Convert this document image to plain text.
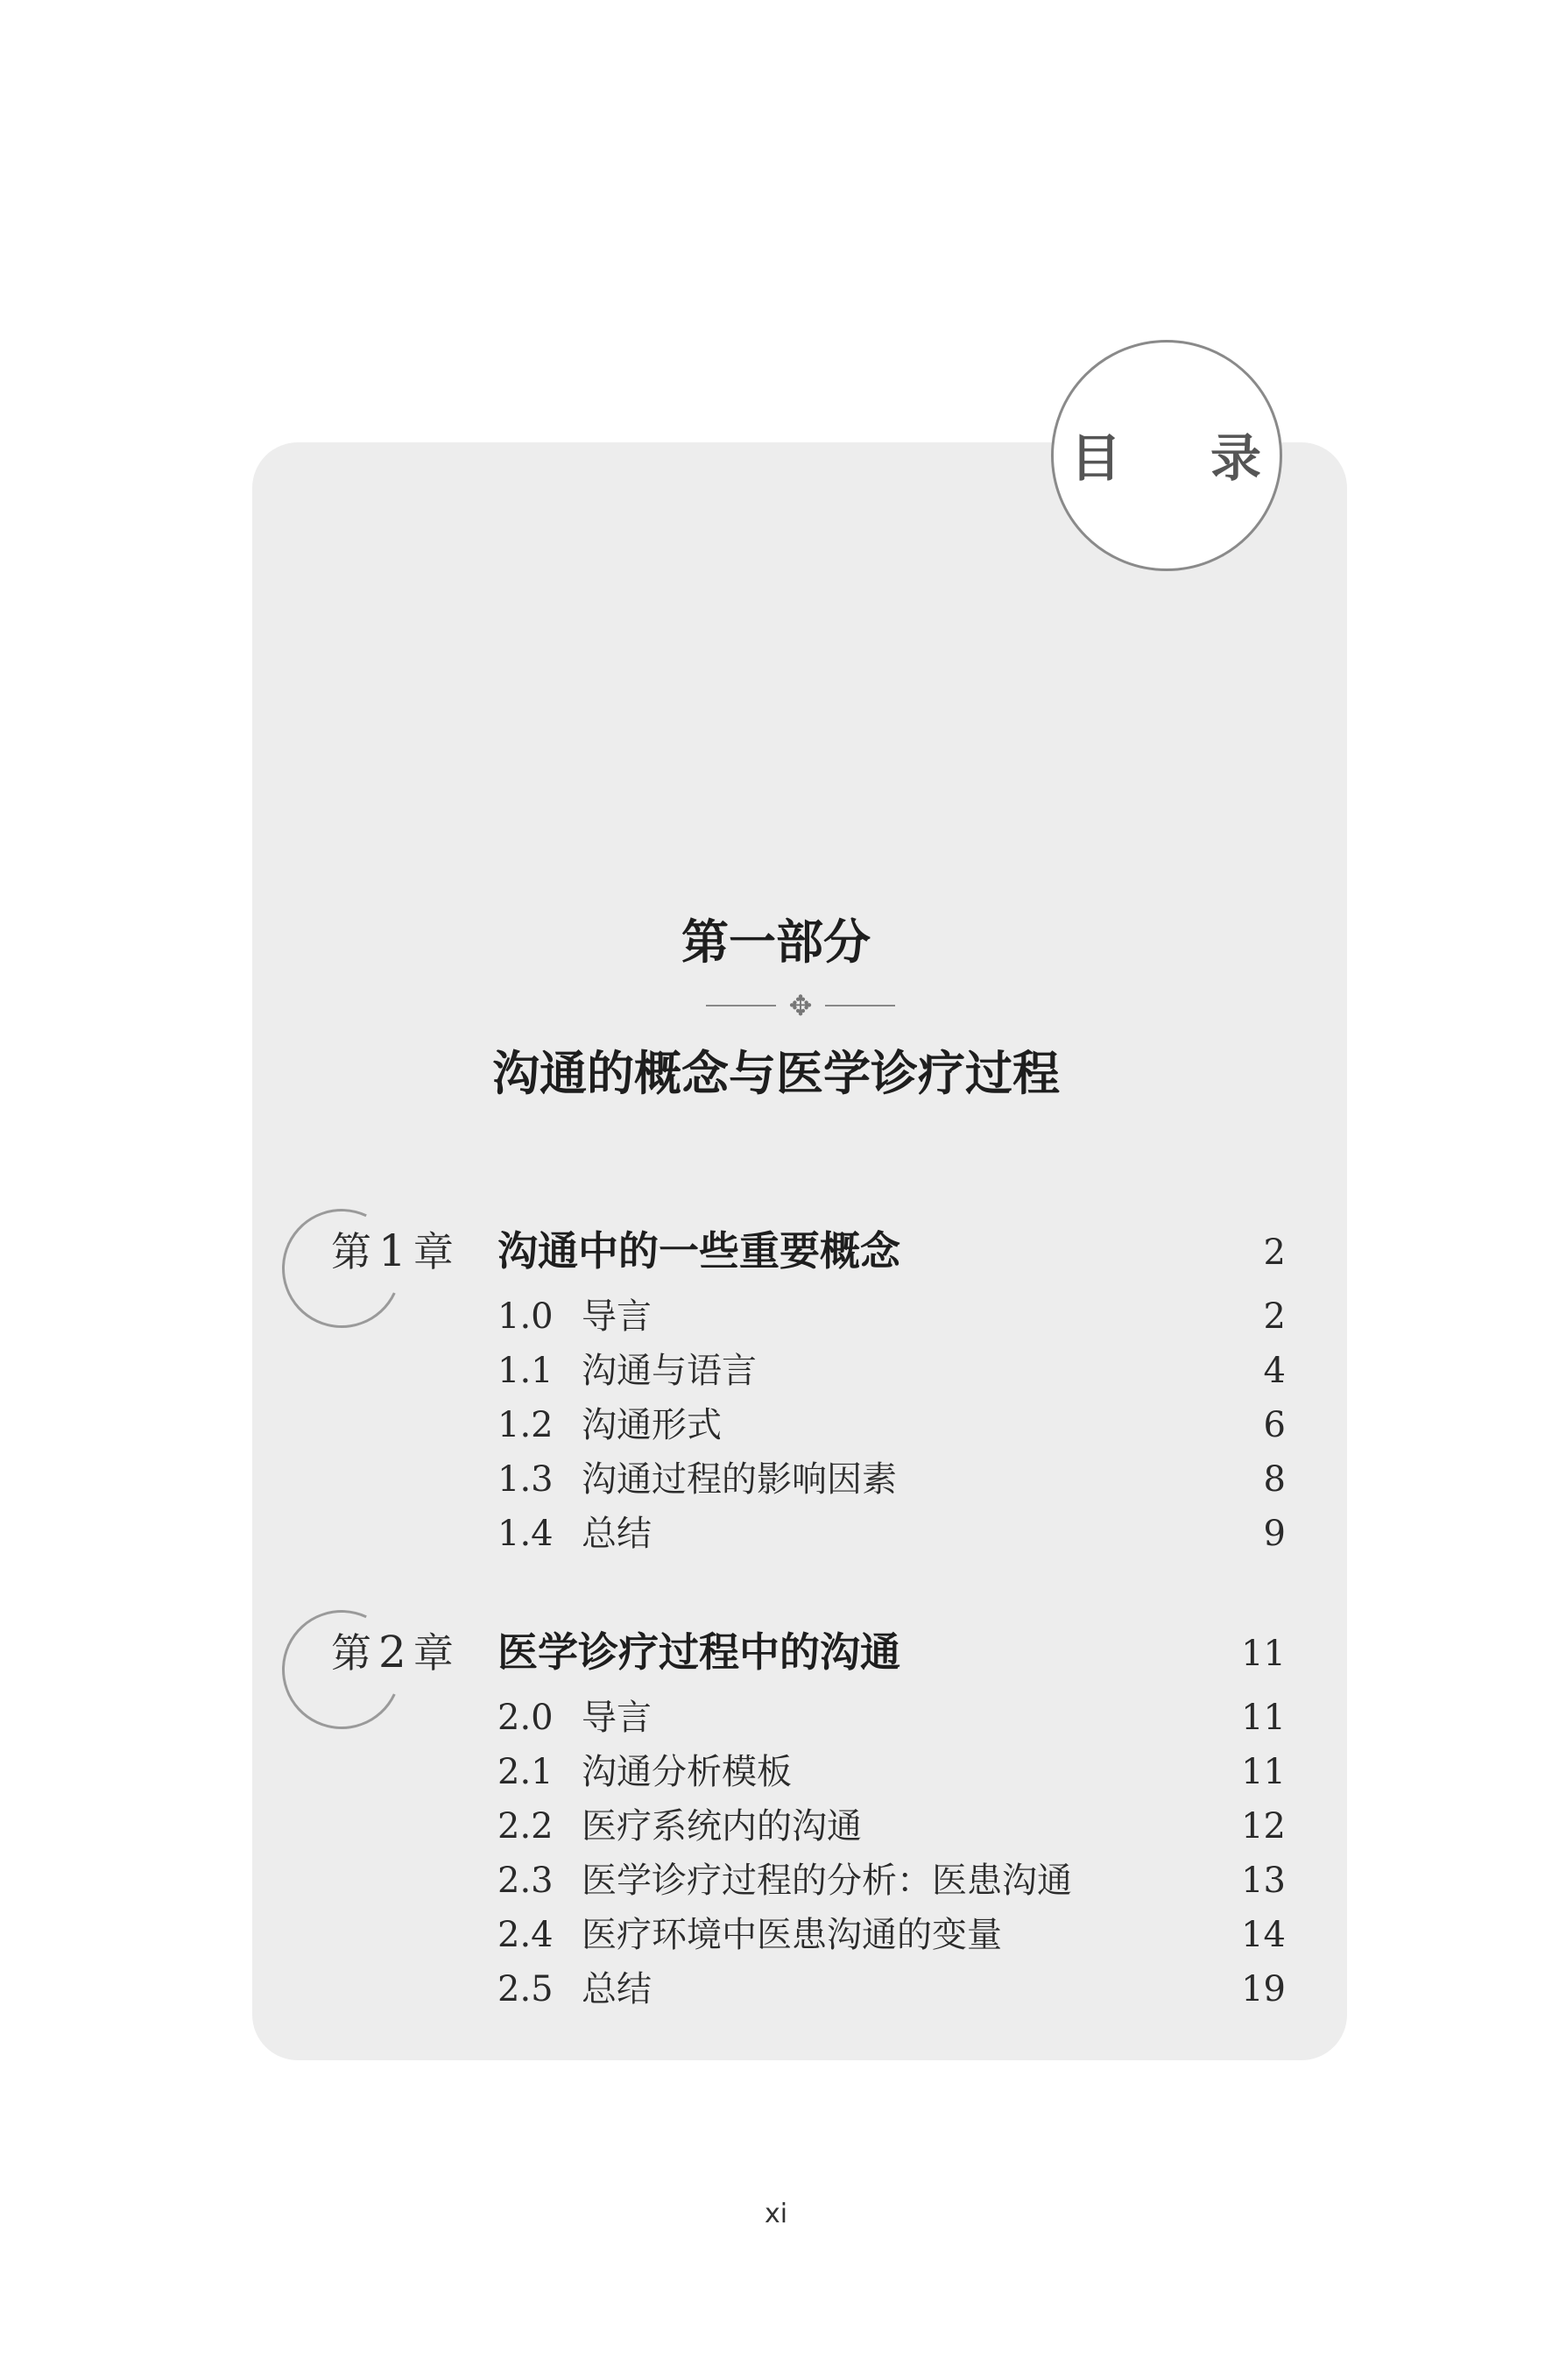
目 录
第一部分
✥
沟通的概念与医学诊疗过程
第 1 章 沟通中的一些重要概念	2
1.0 导言	2
1.1 沟通与语言	4
1.2 沟通形式	6
1.3 沟通过程的影响因素	8
1.4 总结	9
第 2 章 医学诊疗过程中的沟通	11
2.0 导言	11
2.1 沟通分析模板	11
2.2 医疗系统内的沟通	12
2.3 医学诊疗过程的分析：医患沟通	13
2.4 医疗环境中医患沟通的变量	14
2.5 总结	19
xi
